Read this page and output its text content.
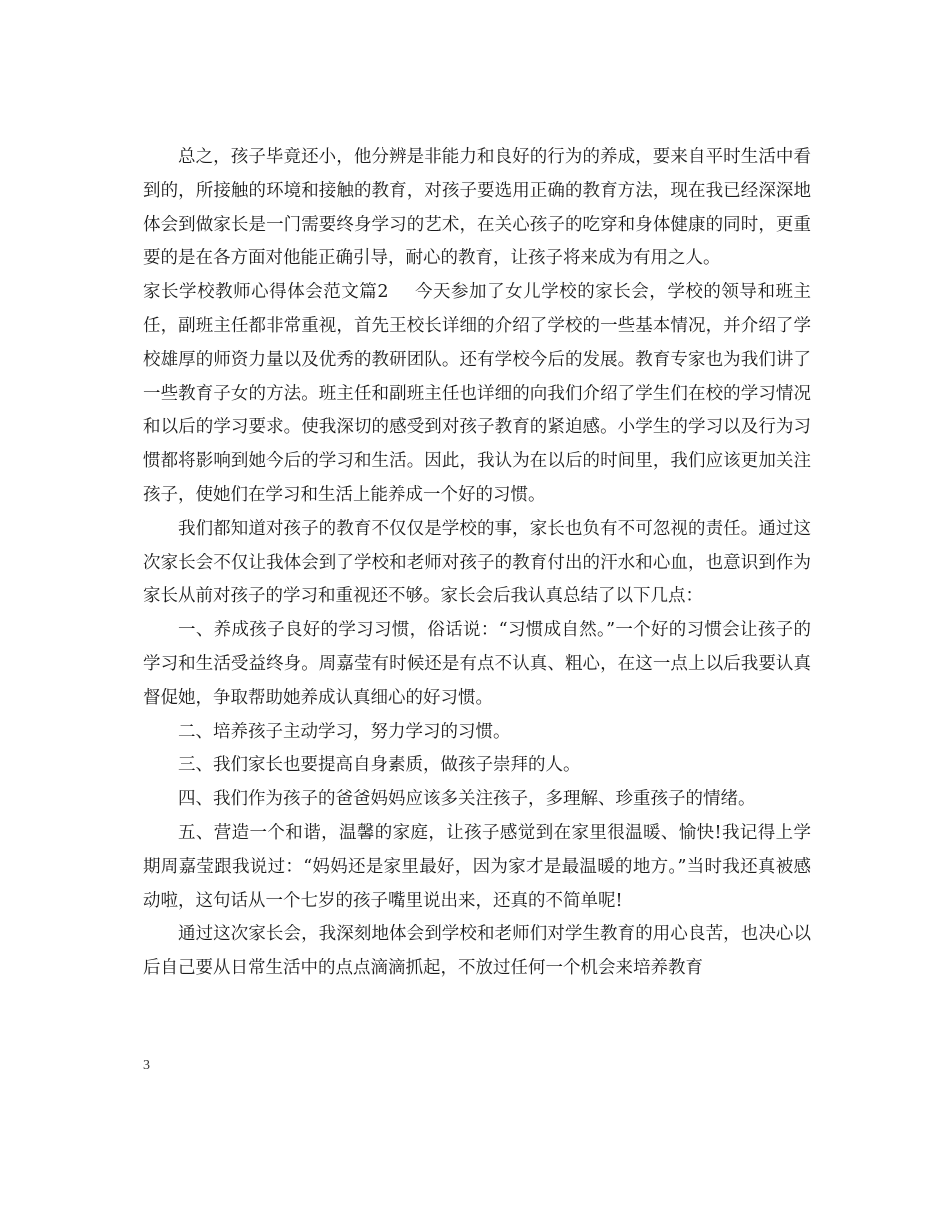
总之，孩子毕竟还小，他分辨是非能力和良好的行为的养成，要来自平时生活中看到的，所接触的环境和接触的教育，对孩子要选用正确的教育方法，现在我已经深深地体会到做家长是一门需要终身学习的艺术，在关心孩子的吃穿和身体健康的同时，更重要的是在各方面对他能正确引导，耐心的教育，让孩子将来成为有用之人。

家长学校教师心得体会范文篇2 今天参加了女儿学校的家长会，学校的领导和班主任，副班主任都非常重视，首先王校长详细的介绍了学校的一些基本情况，并介绍了学校雄厚的师资力量以及优秀的教研团队。还有学校今后的发展。教育专家也为我们讲了一些教育子女的方法。班主任和副班主任也详细的向我们介绍了学生们在校的学习情况和以后的学习要求。使我深切的感受到对孩子教育的紧迫感。小学生的学习以及行为习惯都将影响到她今后的学习和生活。因此，我认为在以后的时间里，我们应该更加关注孩子，使她们在学习和生活上能养成一个好的习惯。

我们都知道对孩子的教育不仅仅是学校的事，家长也负有不可忽视的责任。通过这次家长会不仅让我体会到了学校和老师对孩子的教育付出的汗水和心血，也意识到作为家长从前对孩子的学习和重视还不够。家长会后我认真总结了以下几点：

一、养成孩子良好的学习习惯，俗话说：“习惯成自然。”一个好的习惯会让孩子的学习和生活受益终身。周嘉莹有时候还是有点不认真、粗心，在这一点上以后我要认真督促她，争取帮助她养成认真细心的好习惯。

二、培养孩子主动学习，努力学习的习惯。

三、我们家长也要提高自身素质，做孩子崇拜的人。

四、我们作为孩子的爸爸妈妈应该多关注孩子，多理解、珍重孩子的情绪。

五、营造一个和谐，温馨的家庭，让孩子感觉到在家里很温暖、愉快!我记得上学期周嘉莹跟我说过：“妈妈还是家里最好，因为家才是最温暖的地方。”当时我还真被感动啦，这句话从一个七岁的孩子嘴里说出来，还真的不简单呢!

通过这次家长会，我深刻地体会到学校和老师们对学生教育的用心良苦，也决心以后自己要从日常生活中的点点滴滴抓起，不放过任何一个机会来培养教育

3
